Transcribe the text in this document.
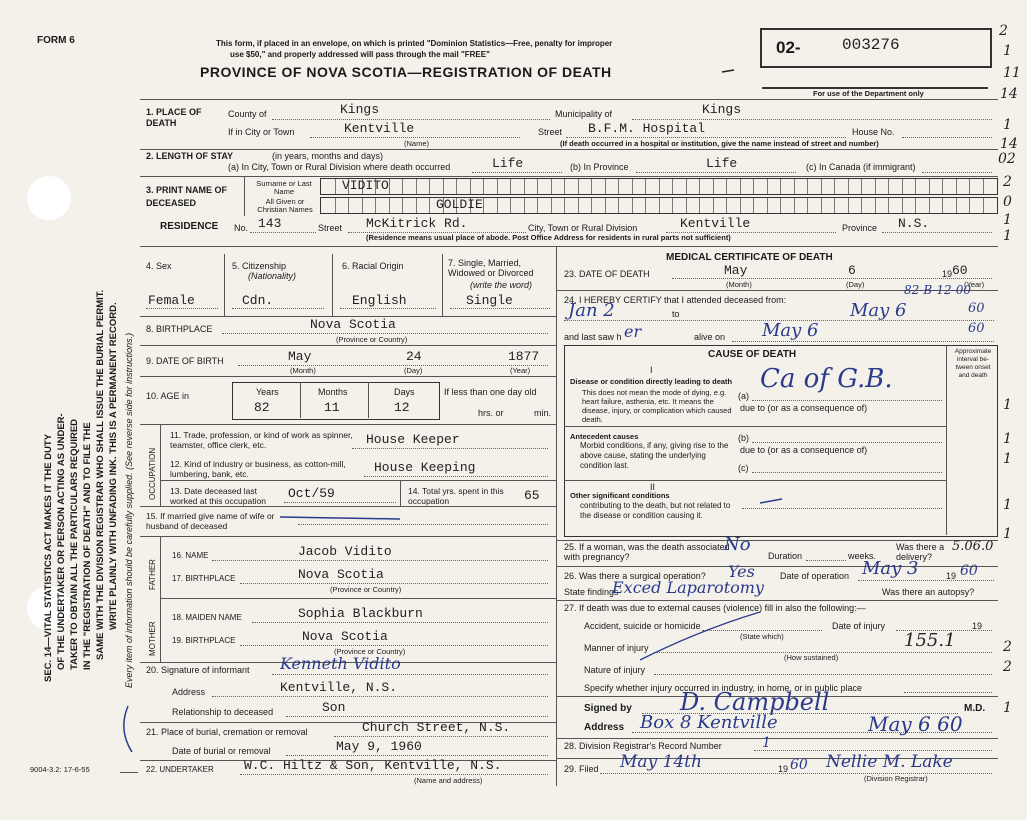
SEC. 14—VITAL STATISTICS ACT MAKES IT THE DUTY OF THE UNDERTAKER OR PERSON ACTING AS UNDER- TAKER TO OBTAIN ALL THE PARTICULARS REQUIRED IN THE "REGISTRATION OF DEATH" AND TO FILE THE SAME WITH THE DIVISION REGISTRAR WHO SHALL ISSUE THE BURIAL PERMIT. WRITE PLAINLY WITH UNFADING INK. THIS IS A PERMANENT RECORD. Every item of information should be carefully supplied. (See reverse side for instructions.)
FORM 6	This form, if placed in an envelope, on which is printed "Dominion Statistics—Free, penalty for improper
use $50," and properly addressed will pass through the mail "FREE"
PROVINCE OF NOVA SCOTIA—REGISTRATION OF DEATH
02-	003276
For use of the Department only
2
1
11
14
1
14
02
2
0
1
1
1
1
1
1
1
2
2
1
1. PLACE OF DEATH
County of	Kings	Municipality of	Kings
If in City or Town	Kentville
(Name)
Street B.F.M. Hospital	House No.
(If death occurred in a hospital or institution, give the name instead of street and number)
2. LENGTH OF STAY	(in years, months and days)
(a) In City, Town or Rural Division where death occurred	Life	(b) In Province	Life	(c) In Canada (if immigrant)
3. PRINT NAME OF DECEASED
Surname or Last Name
All Given or Christian Names
VIDITO
GOLDIE
RESIDENCE No. 143	Street McKitrick Rd.	City, Town or Rural Division	Kentville	Province N.S.
(Residence means usual place of abode. Post Office Address for residents in rural parts not sufficient)
4. Sex	5. Citizenship
(Nationality)
6. Racial Origin	7. Single, Married, Widowed or Divorced
(write the word)
Female	Cdn.	English	Single
8. BIRTHPLACE	Nova Scotia
(Province or Country)
9. DATE OF BIRTH	May	24	1877
(Month)	(Day)	(Year)
10. AGE in	Years	Months	Days
82	11	12
If less than one day old
hrs. or	min.
OCCUPATION
11. Trade, profession, or kind of work as spinner, teamster, office clerk, etc.	House Keeper
12. Kind of industry or business, as cotton-mill, lumbering, bank, etc.	House Keeping
13. Date deceased last worked at this occupation	Oct/59	14. Total yrs. spent in this occupation	65
15. If married give name of wife or husband of deceased
FATHER
MOTHER
16. NAME	Jacob Vidito
17. BIRTHPLACE	Nova Scotia
(Province or Country)
18. MAIDEN NAME	Sophia Blackburn
19. BIRTHPLACE	Nova Scotia
(Province or Country)
20. Signature of informant Kenneth Vidito
Address	Kentville, N.S.
Relationship to deceased	Son
21. Place of burial, cremation or removal	Church Street, N.S.
Date of burial or removal	May 9, 1960
22. UNDERTAKER W.C. Hiltz & Son, Kentville, N.S.
(Name and address)
9004-3.2: 17-6-55
MEDICAL CERTIFICATE OF DEATH
23. DATE OF DEATH	May	6	19 60
(Month)	(Day)	(Year)
24. I HEREBY CERTIFY that I attended deceased from:
82-B-12-00
Jan 2	to	May 6	60
and last saw h er	alive on May 6	60
CAUSE OF DEATH	Approximate interval be-tween onset and death
I
Disease or condition directly leading to death
This does not mean the mode of dying, e.g. heart failure, asthenia, etc. It means the disease, injury, or complication which caused death.
(a)
Ca of G.B.
due to (or as a consequence of)
Antecedent causes
Morbid conditions, if any, giving rise to the above cause, stating the underlying condition last.
(b)
due to (or as a consequence of)
(c)
II
Other significant conditions
contributing to the death, but not related to the disease or condition causing it.
25. If a woman, was the death associated with pregnancy?
No
Duration	weeks.
Was there a delivery?
5.06.0
26. Was there a surgical operation? Yes	Date of operation May 3	19 60
State findings
Exced Laparotomy	Was there an autopsy?
27. If death was due to external causes (violence) fill in also the following:—
Accident, suicide or homicide
(State which)
Date of injury	19
Manner of injury
(How sustained)
155.1
Nature of injury
Specify whether injury occurred in industry, in home, or in public place
Signed by D. Campbell	M.D.
Address Box 8 Kentville	May 6 60
28. Division Registrar's Record Number	1
29. Filed May 14th	19 60 Nellie M. Lake
(Division Registrar)
